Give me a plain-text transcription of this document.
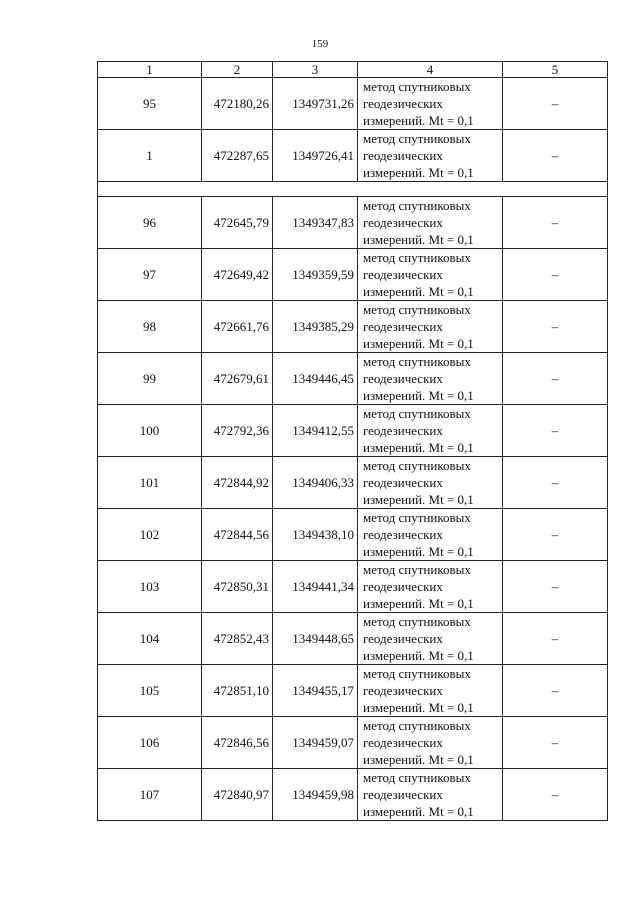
159
1	2	3	4	5
95	472180,26	1349731,26	метод спутниковых
геодезических
измерений. Mt = 0,1	–
1	472287,65	1349726,41	метод спутниковых
геодезических
измерений. Mt = 0,1	–

96	472645,79	1349347,83	метод спутниковых
геодезических
измерений. Mt = 0,1	–
97	472649,42	1349359,59	метод спутниковых
геодезических
измерений. Mt = 0,1	–
98	472661,76	1349385,29	метод спутниковых
геодезических
измерений. Mt = 0,1	–
99	472679,61	1349446,45	метод спутниковых
геодезических
измерений. Mt = 0,1	–
100	472792,36	1349412,55	метод спутниковых
геодезических
измерений. Mt = 0,1	–
101	472844,92	1349406,33	метод спутниковых
геодезических
измерений. Mt = 0,1	–
102	472844,56	1349438,10	метод спутниковых
геодезических
измерений. Mt = 0,1	–
103	472850,31	1349441,34	метод спутниковых
геодезических
измерений. Mt = 0,1	–
104	472852,43	1349448,65	метод спутниковых
геодезических
измерений. Mt = 0,1	–
105	472851,10	1349455,17	метод спутниковых
геодезических
измерений. Mt = 0,1	–
106	472846,56	1349459,07	метод спутниковых
геодезических
измерений. Mt = 0,1	–
107	472840,97	1349459,98	метод спутниковых
геодезических
измерений. Mt = 0,1	–
